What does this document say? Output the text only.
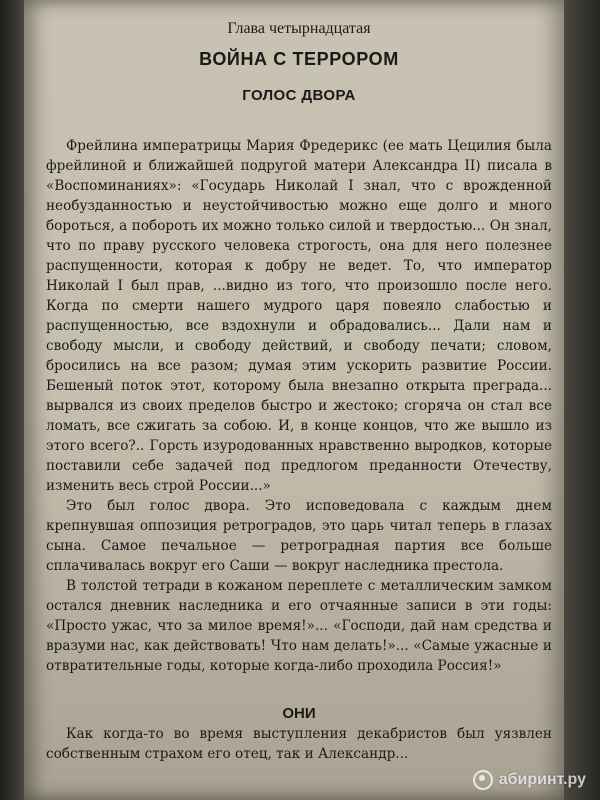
Глава четырнадцатая

ВОЙНА С ТЕРРОРОМ

ГОЛОС ДВОРА

Фрейлина императрицы Мария Фредерикс (ее мать Цецилия была фрейлиной и ближайшей подругой матери Александра II) писала в «Воспоминаниях»: «Государь Николай I знал, что с врожденной необузданностью и неустойчивостью можно еще долго и много бороться, а побороть их можно только силой и твердостью... Он знал, что по праву русского человека строгость, она для него полезнее распущенности, которая к добру не ведет. То, что император Николай I был прав, ...видно из того, что произошло после него. Когда по смерти нашего мудрого царя повеяло слабостью и распущенностью, все вздохнули и обрадовались... Дали нам и свободу мысли, и свободу действий, и свободу печати; словом, бросились на все разом; думая этим ускорить развитие России. Бешеный поток этот, которому была внезапно открыта преграда... вырвался из своих пределов быстро и жестоко; сгоряча он стал все ломать, все сжигать за собою. И, в конце концов, что же вышло из этого всего?.. Горсть изуродованных нравственно выродков, которые поставили себе задачей под предлогом преданности Отечеству, изменить весь строй России...»

Это был голос двора. Это исповедовала с каждым днем крепнувшая оппозиция ретроградов, это царь читал теперь в глазах сына. Самое печальное — ретроградная партия все больше сплачивалась вокруг его Саши — вокруг наследника престола.

В толстой тетради в кожаном переплете с металлическим замком остался дневник наследника и его отчаянные записи в эти годы: «Просто ужас, что за милое время!»... «Господи, дай нам средства и вразуми нас, как действовать! Что нам делать!»... «Самые ужасные и отвратительные годы, которые когда-либо проходила Россия!»

ОНИ

Как когда-то во время выступления декабристов был уязвлен собственным страхом его отец, так и Александр...

абиринт.ру
